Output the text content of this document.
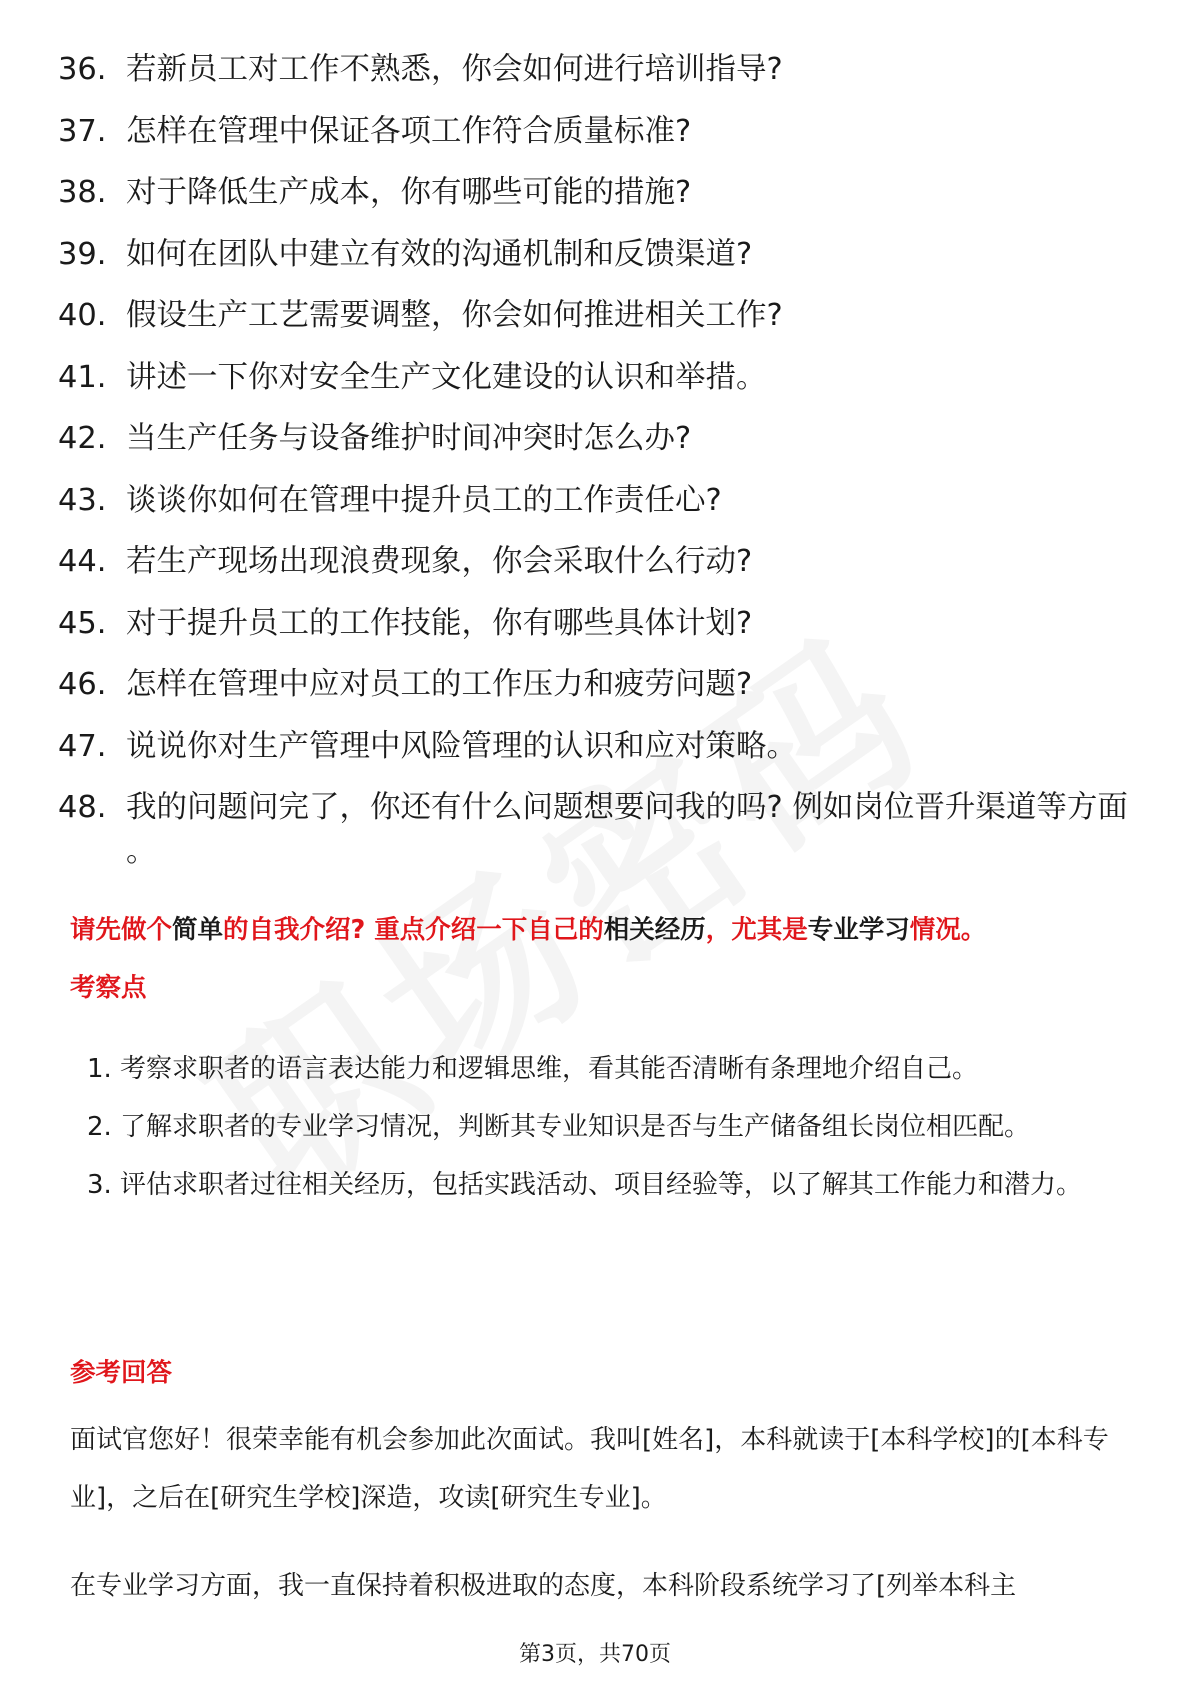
36. 若新员工对工作不熟悉，你会如何进行培训指导?
37. 怎样在管理中保证各项工作符合质量标准?
38. 对于降低生产成本，你有哪些可能的措施?
39. 如何在团队中建立有效的沟通机制和反馈渠道?
40. 假设生产工艺需要调整，你会如何推进相关工作?
41. 讲述一下你对安全生产文化建设的认识和举措。
42. 当生产任务与设备维护时间冲突时怎么办?
43. 谈谈你如何在管理中提升员工的工作责任心?
44. 若生产现场出现浪费现象，你会采取什么行动?
45. 对于提升员工的工作技能，你有哪些具体计划?
46. 怎样在管理中应对员工的工作压力和疲劳问题?
47. 说说你对生产管理中风险管理的认识和应对策略。
48. 我的问题问完了，你还有什么问题想要问我的吗? 例如岗位晋升渠道等方面 。
请先做个简单的自我介绍? 重点介绍一下自己的相关经历，尤其是专业学习情况。
考察点
1. 考察求职者的语言表达能力和逻辑思维，看其能否清晰有条理地介绍自己。
2. 了解求职者的专业学习情况，判断其专业知识是否与生产储备组长岗位相匹配。
3. 评估求职者过往相关经历，包括实践活动、项目经验等，以了解其工作能力和潜力。
参考回答

面试官您好！很荣幸能有机会参加此次面试。我叫[姓名]，本科就读于[本科学校]的[本科专业]，之后在[研究生学校]深造，攻读[研究生专业]。

在专业学习方面，我一直保持着积极进取的态度，本科阶段系统学习了[列举本科主

第3页，共70页
